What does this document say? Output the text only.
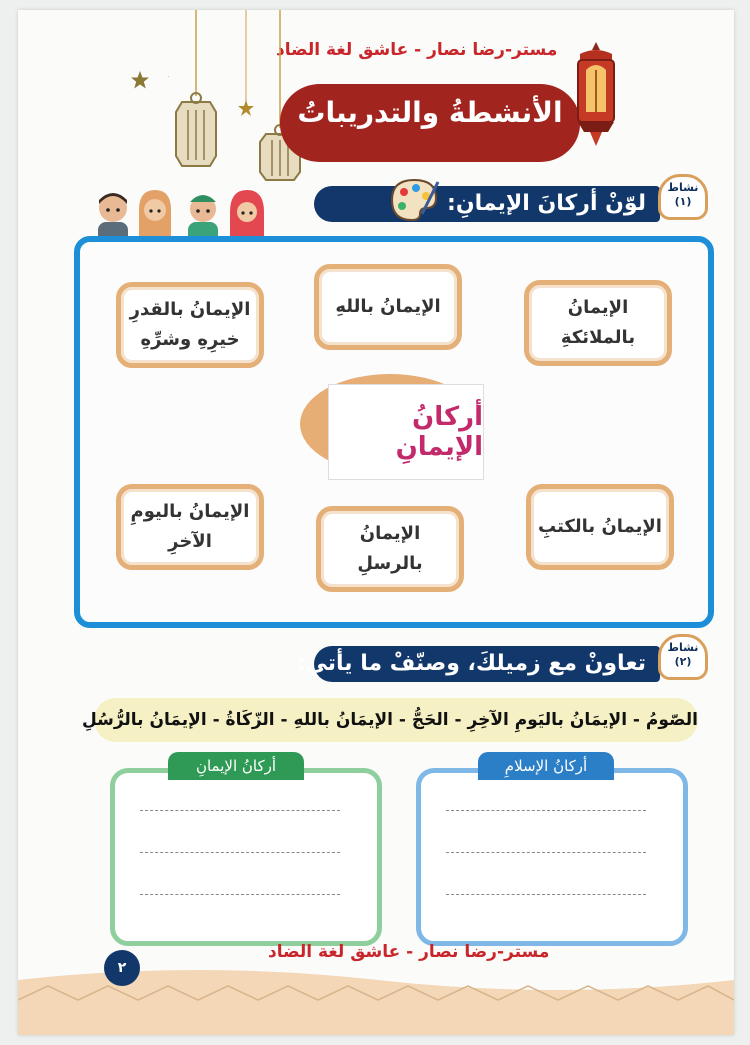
مستر-رضا نصار - عاشق لغة الضاد
الأنشطةُ والتدريباتُ
لوّنْ أركانَ الإيمانِ:
نشاط
(١)
الإيمانُ بالقدرِ خيرِهِ وشرِّهِ
الإيمانُ باللهِ	الإيمانُ بالملائكةِ
أركانُ الإيمانِ
الإيمانُ باليومِ الآخرِ	الإيمانُ بالرسلِ
الإيمانُ بالكتبِ
تعاونْ مع زميلكَ، وصنّفْ ما يأتي:
نشاط
(٢)
الصّومُ - الإيمَانُ باليَومِ الآخِرِ - الحَجُّ - الإيمَانُ باللهِ - الزّكَاةُ - الإيمَانُ بالرُّسُلِ
أركانُ الإيمانِ	أركانُ الإسلامِ
مستر-رضا نصار - عاشق لغة الضاد
٢
